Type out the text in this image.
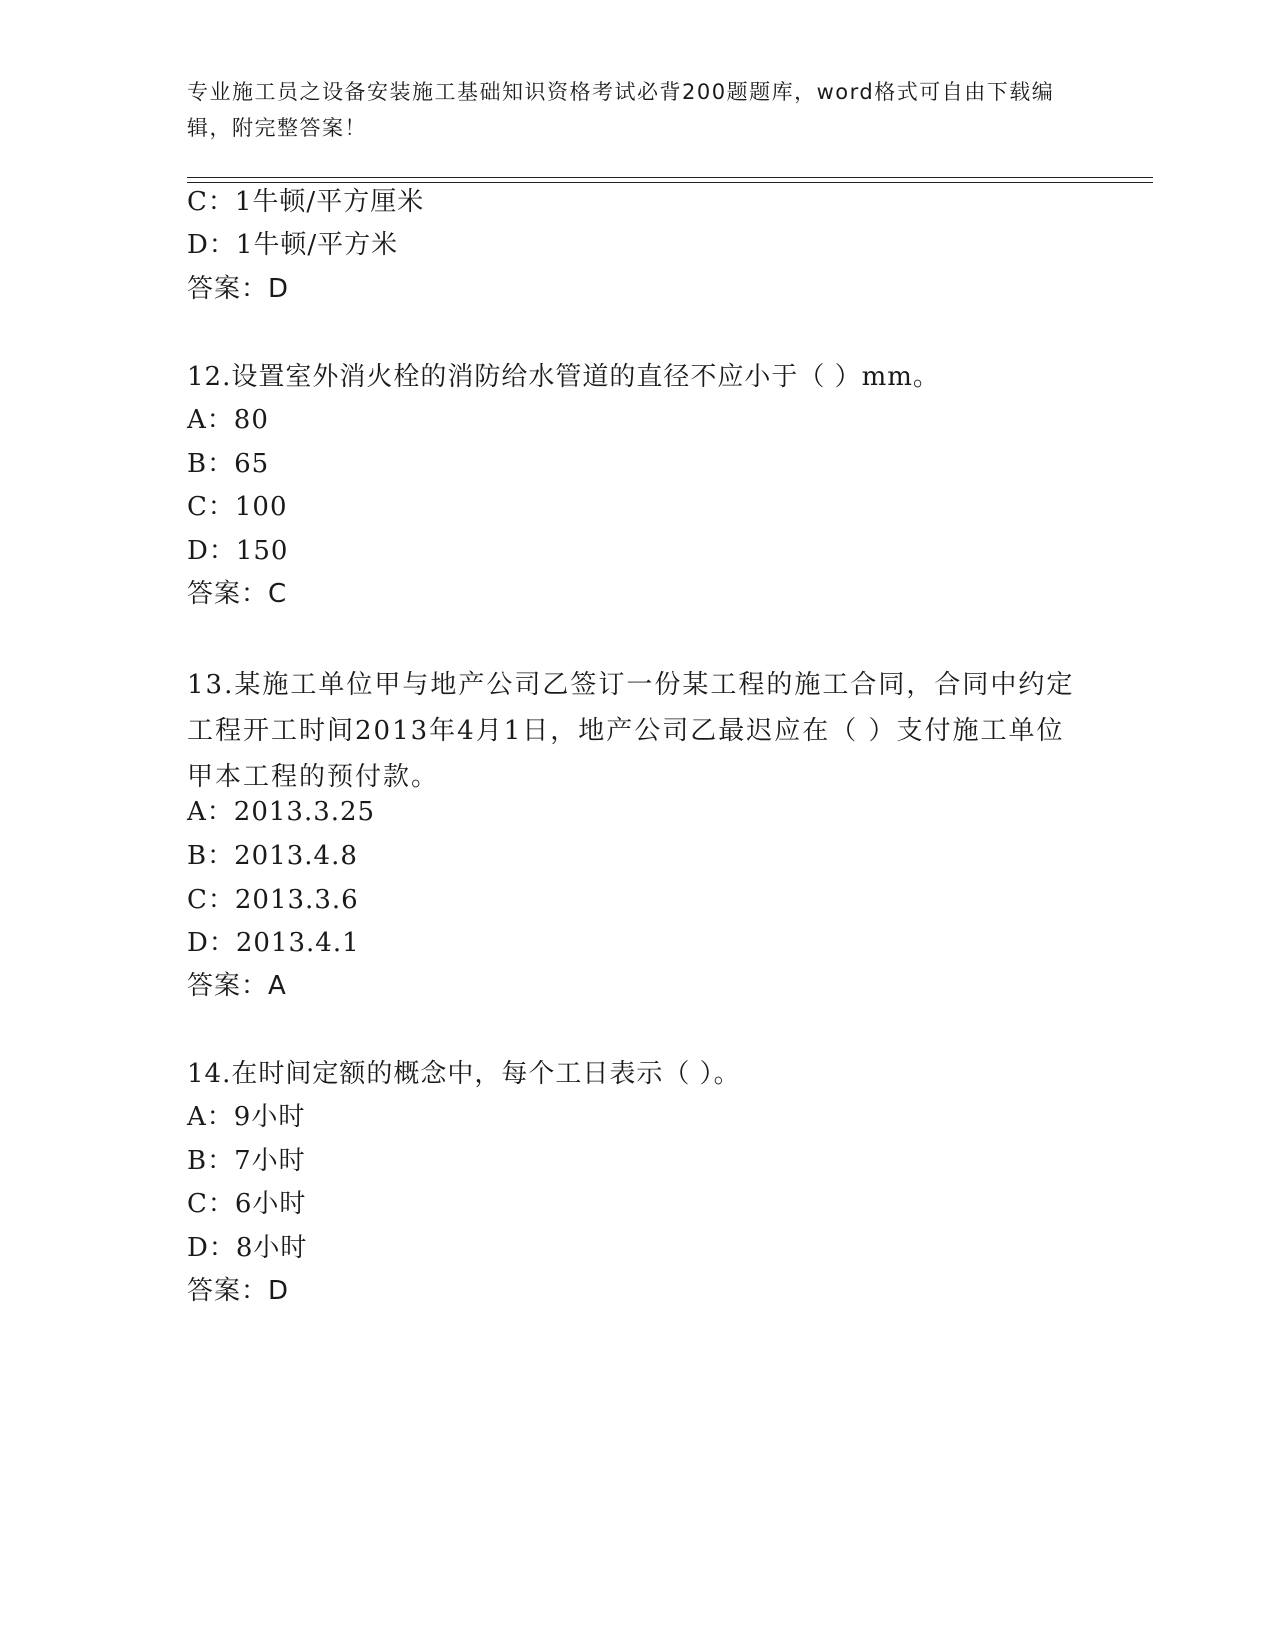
专业施工员之设备安装施工基础知识资格考试必背200题题库，word格式可自由下载编辑，附完整答案！
C：1牛顿/平方厘米
D：1牛顿/平方米
答案：D
12.设置室外消火栓的消防给水管道的直径不应小于（ ）mm。
A：80
B：65
C：100
D：150
答案：C
13.某施工单位甲与地产公司乙签订一份某工程的施工合同，合同中约定工程开工时间2013年4月1日，地产公司乙最迟应在（ ）支付施工单位甲本工程的预付款。
A：2013.3.25
B：2013.4.8
C：2013.3.6
D：2013.4.1
答案：A
14.在时间定额的概念中，每个工日表示（ ）。
A：9小时
B：7小时
C：6小时
D：8小时
答案：D
